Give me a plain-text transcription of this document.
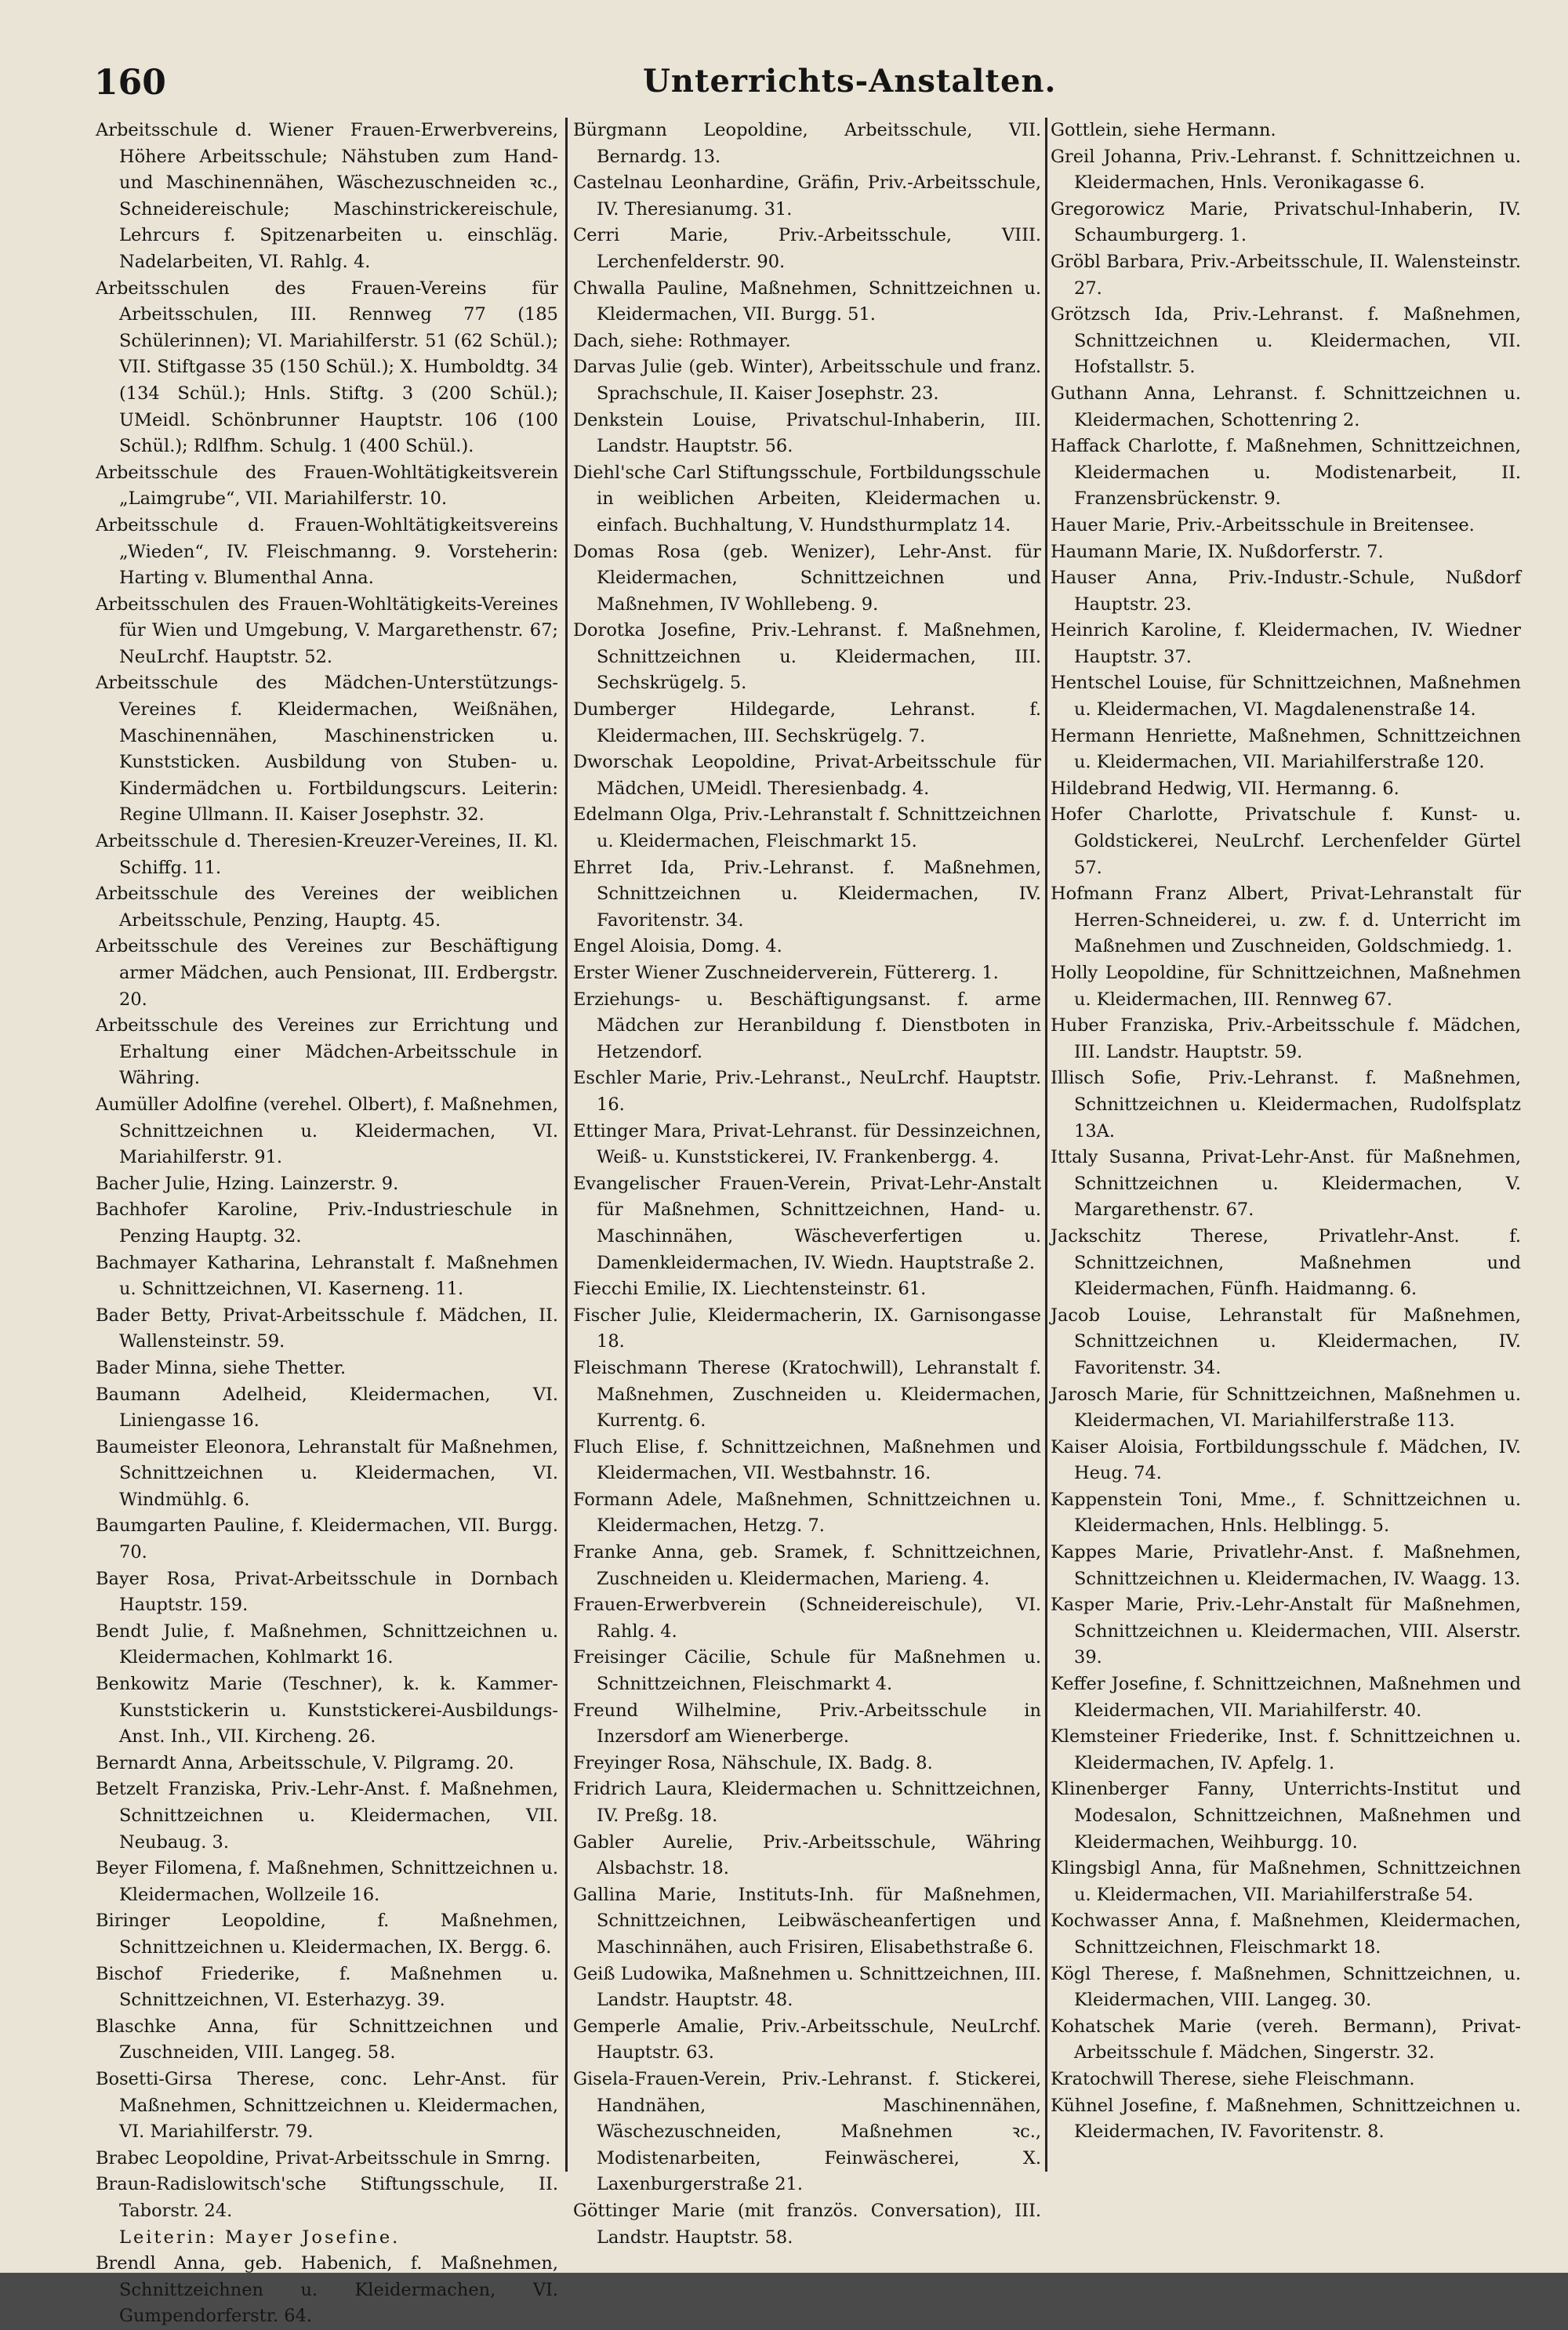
160	Unterrichts-Anstalten.

Arbeitsschule d. Wiener Frauen-Erwerbvereins, Höhere Arbeitsschule; Nähstuben zum Hand- und Maschinennähen, Wäschezuschneiden ꝛc., Schneidereischule; Maschinstrickereischule, Lehrcurs f. Spitzenarbeiten u. einschläg. Nadelarbeiten, VI. Rahlg. 4.

Arbeitsschulen des Frauen-Vereins für Arbeitsschulen, III. Rennweg 77 (185 Schülerinnen); VI. Mariahilferstr. 51 (62 Schül.); VII. Stiftgasse 35 (150 Schül.); X. Humboldtg. 34 (134 Schül.); Hnls. Stiftg. 3 (200 Schül.); UMeidl. Schönbrunner Hauptstr. 106 (100 Schül.); Rdlfhm. Schulg. 1 (400 Schül.).

Arbeitsschule des Frauen-Wohltätigkeitsverein „Laimgrube“, VII. Mariahilferstr. 10.

Arbeitsschule d. Frauen-Wohltätigkeitsvereins „Wieden“, IV. Fleischmanng. 9. Vorsteherin: Harting v. Blumenthal Anna.

Arbeitsschulen des Frauen-Wohltätigkeits-Vereines für Wien und Umgebung, V. Margarethenstr. 67; NeuLrchf. Hauptstr. 52.

Arbeitsschule des Mädchen-Unterstützungs-Vereines f. Kleidermachen, Weißnähen, Maschinennähen, Maschinenstricken u. Kunststicken. Ausbildung von Stuben- u. Kindermädchen u. Fortbildungscurs. Leiterin: Regine Ullmann. II. Kaiser Josephstr. 32.

Arbeitsschule d. Theresien-Kreuzer-Vereines, II. Kl. Schiffg. 11.

Arbeitsschule des Vereines der weiblichen Arbeitsschule, Penzing, Hauptg. 45.

Arbeitsschule des Vereines zur Beschäftigung armer Mädchen, auch Pensionat, III. Erdbergstr. 20.

Arbeitsschule des Vereines zur Errichtung und Erhaltung einer Mädchen-Arbeitsschule in Währing.

Aumüller Adolfine (verehel. Olbert), f. Maßnehmen, Schnittzeichnen u. Kleidermachen, VI. Mariahilferstr. 91.

Bacher Julie, Hzing. Lainzerstr. 9.

Bachhofer Karoline, Priv.-Industrieschule in Penzing Hauptg. 32.

Bachmayer Katharina, Lehranstalt f. Maßnehmen u. Schnittzeichnen, VI. Kaserneng. 11.

Bader Betty, Privat-Arbeitsschule f. Mädchen, II. Wallensteinstr. 59.

Bader Minna, siehe Thetter.

Baumann Adelheid, Kleidermachen, VI. Liniengasse 16.

Baumeister Eleonora, Lehranstalt für Maßnehmen, Schnittzeichnen u. Kleidermachen, VI. Windmühlg. 6.

Baumgarten Pauline, f. Kleidermachen, VII. Burgg. 70.

Bayer Rosa, Privat-Arbeitsschule in Dornbach Hauptstr. 159.

Bendt Julie, f. Maßnehmen, Schnittzeichnen u. Kleidermachen, Kohlmarkt 16.

Benkowitz Marie (Teschner), k. k. Kammer-Kunststickerin u. Kunststickerei-Ausbildungs-Anst. Inh., VII. Kircheng. 26.

Bernardt Anna, Arbeitsschule, V. Pilgramg. 20.

Betzelt Franziska, Priv.-Lehr-Anst. f. Maßnehmen, Schnittzeichnen u. Kleidermachen, VII. Neubaug. 3.

Beyer Filomena, f. Maßnehmen, Schnittzeichnen u. Kleidermachen, Wollzeile 16.

Biringer Leopoldine, f. Maßnehmen, Schnittzeichnen u. Kleidermachen, IX. Bergg. 6.

Bischof Friederike, f. Maßnehmen u. Schnittzeichnen, VI. Esterhazyg. 39.

Blaschke Anna, für Schnittzeichnen und Zuschneiden, VIII. Langeg. 58.

Bosetti-Girsa Therese, conc. Lehr-Anst. für Maßnehmen, Schnittzeichnen u. Kleidermachen, VI. Mariahilferstr. 79.

Brabec Leopoldine, Privat-Arbeitsschule in Smrng.

Braun-Radislowitsch'sche Stiftungsschule, II. Taborstr. 24.

Leiterin: Mayer Josefine.

Brendl Anna, geb. Habenich, f. Maßnehmen, Schnittzeichnen u. Kleidermachen, VI. Gumpendorferstr. 64.

Bürgmann Leopoldine, Arbeitsschule, VII. Bernardg. 13.

Castelnau Leonhardine, Gräfin, Priv.-Arbeitsschule, IV. Theresianumg. 31.

Cerri Marie, Priv.-Arbeitsschule, VIII. Lerchenfelderstr. 90.

Chwalla Pauline, Maßnehmen, Schnittzeichnen u. Kleidermachen, VII. Burgg. 51.

Dach, siehe: Rothmayer.

Darvas Julie (geb. Winter), Arbeitsschule und franz. Sprachschule, II. Kaiser Josephstr. 23.

Denkstein Louise, Privatschul-Inhaberin, III. Landstr. Hauptstr. 56.

Diehl'sche Carl Stiftungsschule, Fortbildungsschule in weiblichen Arbeiten, Kleidermachen u. einfach. Buchhaltung, V. Hundsthurmplatz 14.

Domas Rosa (geb. Wenizer), Lehr-Anst. für Kleidermachen, Schnittzeichnen und Maßnehmen, IV Wohllebeng. 9.

Dorotka Josefine, Priv.-Lehranst. f. Maßnehmen, Schnittzeichnen u. Kleidermachen, III. Sechskrügelg. 5.

Dumberger Hildegarde, Lehranst. f. Kleidermachen, III. Sechskrügelg. 7.

Dworschak Leopoldine, Privat-Arbeitsschule für Mädchen, UMeidl. Theresienbadg. 4.

Edelmann Olga, Priv.-Lehranstalt f. Schnittzeichnen u. Kleidermachen, Fleischmarkt 15.

Ehrret Ida, Priv.-Lehranst. f. Maßnehmen, Schnittzeichnen u. Kleidermachen, IV. Favoritenstr. 34.

Engel Aloisia, Domg. 4.

Erster Wiener Zuschneiderverein, Füttererg. 1.

Erziehungs- u. Beschäftigungsanst. f. arme Mädchen zur Heranbildung f. Dienstboten in Hetzendorf.

Eschler Marie, Priv.-Lehranst., NeuLrchf. Hauptstr. 16.

Ettinger Mara, Privat-Lehranst. für Dessinzeichnen, Weiß- u. Kunststickerei, IV. Frankenbergg. 4.

Evangelischer Frauen-Verein, Privat-Lehr-Anstalt für Maßnehmen, Schnittzeichnen, Hand- u. Maschinnähen, Wäscheverfertigen u. Damenkleidermachen, IV. Wiedn. Hauptstraße 2.

Fiecchi Emilie, IX. Liechtensteinstr. 61.

Fischer Julie, Kleidermacherin, IX. Garnisongasse 18.

Fleischmann Therese (Kratochwill), Lehranstalt f. Maßnehmen, Zuschneiden u. Kleidermachen, Kurrentg. 6.

Fluch Elise, f. Schnittzeichnen, Maßnehmen und Kleidermachen, VII. Westbahnstr. 16.

Formann Adele, Maßnehmen, Schnittzeichnen u. Kleidermachen, Hetzg. 7.

Franke Anna, geb. Sramek, f. Schnittzeichnen, Zuschneiden u. Kleidermachen, Marieng. 4.

Frauen-Erwerbverein (Schneidereischule), VI. Rahlg. 4.

Freisinger Cäcilie, Schule für Maßnehmen u. Schnittzeichnen, Fleischmarkt 4.

Freund Wilhelmine, Priv.-Arbeitsschule in Inzersdorf am Wienerberge.

Freyinger Rosa, Nähschule, IX. Badg. 8.

Fridrich Laura, Kleidermachen u. Schnittzeichnen, IV. Preßg. 18.

Gabler Aurelie, Priv.-Arbeitsschule, Währing Alsbachstr. 18.

Gallina Marie, Instituts-Inh. für Maßnehmen, Schnittzeichnen, Leibwäscheanfertigen und Maschinnähen, auch Frisiren, Elisabethstraße 6.

Geiß Ludowika, Maßnehmen u. Schnittzeichnen, III. Landstr. Hauptstr. 48.

Gemperle Amalie, Priv.-Arbeitsschule, NeuLrchf. Hauptstr. 63.

Gisela-Frauen-Verein, Priv.-Lehranst. f. Stickerei, Handnähen, Maschinennähen, Wäschezuschneiden, Maßnehmen ꝛc., Modistenarbeiten, Feinwäscherei, X. Laxenburgerstraße 21.

Göttinger Marie (mit französ. Conversation), III. Landstr. Hauptstr. 58.

Gottlein, siehe Hermann.

Greil Johanna, Priv.-Lehranst. f. Schnittzeichnen u. Kleidermachen, Hnls. Veronikagasse 6.

Gregorowicz Marie, Privatschul-Inhaberin, IV. Schaumburgerg. 1.

Gröbl Barbara, Priv.-Arbeitsschule, II. Walensteinstr. 27.

Grötzsch Ida, Priv.-Lehranst. f. Maßnehmen, Schnittzeichnen u. Kleidermachen, VII. Hofstallstr. 5.

Guthann Anna, Lehranst. f. Schnittzeichnen u. Kleidermachen, Schottenring 2.

Haffack Charlotte, f. Maßnehmen, Schnittzeichnen, Kleidermachen u. Modistenarbeit, II. Franzensbrückenstr. 9.

Hauer Marie, Priv.-Arbeitsschule in Breitensee.

Haumann Marie, IX. Nußdorferstr. 7.

Hauser Anna, Priv.-Industr.-Schule, Nußdorf Hauptstr. 23.

Heinrich Karoline, f. Kleidermachen, IV. Wiedner Hauptstr. 37.

Hentschel Louise, für Schnittzeichnen, Maßnehmen u. Kleidermachen, VI. Magdalenenstraße 14.

Hermann Henriette, Maßnehmen, Schnittzeichnen u. Kleidermachen, VII. Mariahilferstraße 120.

Hildebrand Hedwig, VII. Hermanng. 6.

Hofer Charlotte, Privatschule f. Kunst- u. Goldstickerei, NeuLrchf. Lerchenfelder Gürtel 57.

Hofmann Franz Albert, Privat-Lehranstalt für Herren-Schneiderei, u. zw. f. d. Unterricht im Maßnehmen und Zuschneiden, Goldschmiedg. 1.

Holly Leopoldine, für Schnittzeichnen, Maßnehmen u. Kleidermachen, III. Rennweg 67.

Huber Franziska, Priv.-Arbeitsschule f. Mädchen, III. Landstr. Hauptstr. 59.

Illisch Sofie, Priv.-Lehranst. f. Maßnehmen, Schnittzeichnen u. Kleidermachen, Rudolfsplatz 13A.

Ittaly Susanna, Privat-Lehr-Anst. für Maßnehmen, Schnittzeichnen u. Kleidermachen, V. Margarethenstr. 67.

Jackschitz Therese, Privatlehr-Anst. f. Schnittzeichnen, Maßnehmen und Kleidermachen, Fünfh. Haidmanng. 6.

Jacob Louise, Lehranstalt für Maßnehmen, Schnittzeichnen u. Kleidermachen, IV. Favoritenstr. 34.

Jarosch Marie, für Schnittzeichnen, Maßnehmen u. Kleidermachen, VI. Mariahilferstraße 113.

Kaiser Aloisia, Fortbildungsschule f. Mädchen, IV. Heug. 74.

Kappenstein Toni, Mme., f. Schnittzeichnen u. Kleidermachen, Hnls. Helblingg. 5.

Kappes Marie, Privatlehr-Anst. f. Maßnehmen, Schnittzeichnen u. Kleidermachen, IV. Waagg. 13.

Kasper Marie, Priv.-Lehr-Anstalt für Maßnehmen, Schnittzeichnen u. Kleidermachen, VIII. Alserstr. 39.

Keffer Josefine, f. Schnittzeichnen, Maßnehmen und Kleidermachen, VII. Mariahilferstr. 40.

Klemsteiner Friederike, Inst. f. Schnittzeichnen u. Kleidermachen, IV. Apfelg. 1.

Klinenberger Fanny, Unterrichts-Institut und Modesalon, Schnittzeichnen, Maßnehmen und Kleidermachen, Weihburgg. 10.

Klingsbigl Anna, für Maßnehmen, Schnittzeichnen u. Kleidermachen, VII. Mariahilferstraße 54.

Kochwasser Anna, f. Maßnehmen, Kleidermachen, Schnittzeichnen, Fleischmarkt 18.

Kögl Therese, f. Maßnehmen, Schnittzeichnen, u. Kleidermachen, VIII. Langeg. 30.

Kohatschek Marie (vereh. Bermann), Privat-Arbeitsschule f. Mädchen, Singerstr. 32.

Kratochwill Therese, siehe Fleischmann.

Kühnel Josefine, f. Maßnehmen, Schnittzeichnen u. Kleidermachen, IV. Favoritenstr. 8.
